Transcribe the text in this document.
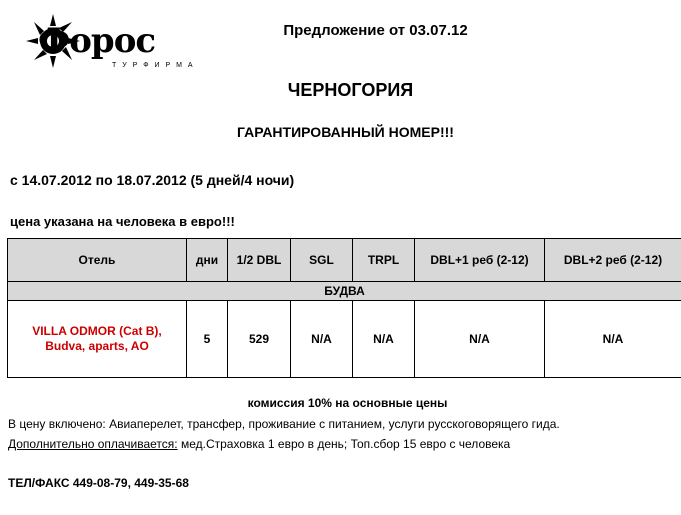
Форос
Т У Р Ф И Р М А
Предложение от 03.07.12
ЧЕРНОГОРИЯ
ГАРАНТИРОВАННЫЙ НОМЕР!!!
с 14.07.2012 по 18.07.2012 (5 дней/4 ночи)
цена указана на человека в евро!!!
Отель	дни	1/2 DBL	SGL	TRPL	DBL+1 реб (2-12)	DBL+2 реб (2-12)
БУДВА						

VILLA ODMOR (Cat B),
Budva, aparts, AO	5	529	N/A	N/A	N/A	N/A
комиссия 10% на основные цены
В цену включено: Авиаперелет, трансфер, проживание с питанием, услуги русскоговорящего гида.
Дополнительно оплачивается: мед.Страховка 1 евро в день; Топ.сбор 15 евро с человека
ТЕЛ/ФАКС 449-08-79, 449-35-68
